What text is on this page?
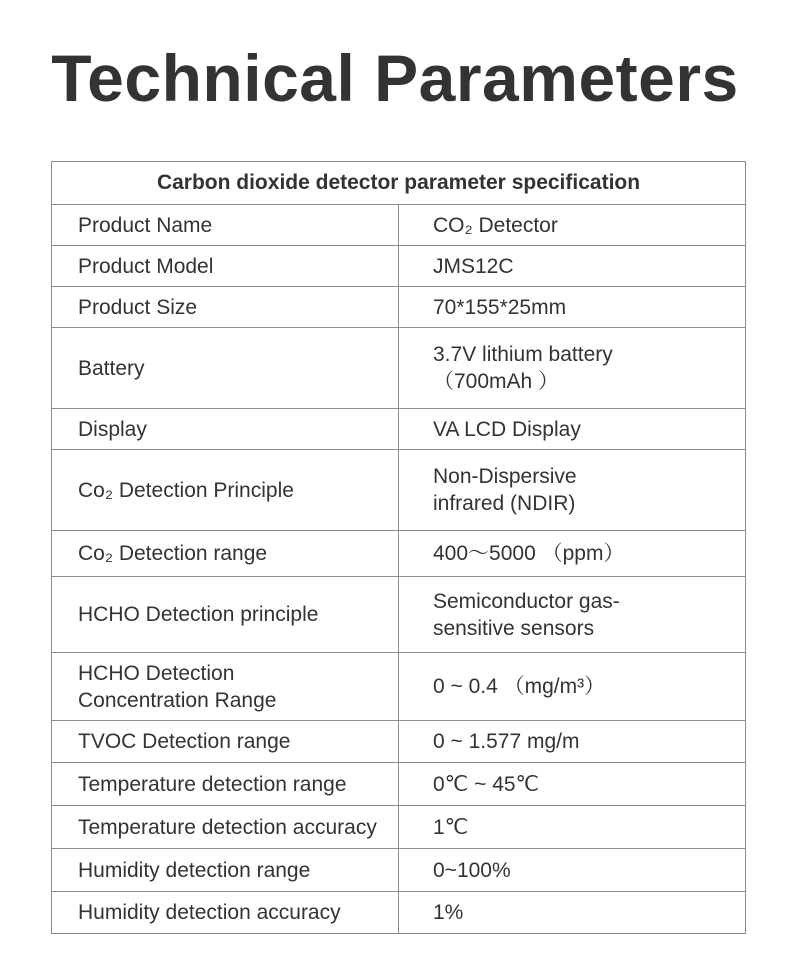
Technical Parameters
Carbon dioxide detector parameter specification	

Product Name	CO₂ Detector

Product Model	JMS12C

Product Size	70*155*25mm

Battery	3.7V lithium battery
（700mAh ）

Display	VA LCD Display

Co₂ Detection Principle	Non-Dispersive
infrared (NDIR)

Co₂ Detection range	400～5000 （ppm）

HCHO Detection principle	Semiconductor gas-
sensitive sensors

HCHO Detection
Concentration Range	0 ~ 0.4 （mg/m³）

TVOC Detection range	0 ~ 1.577 mg/m

Temperature detection range	0℃ ~ 45℃

Temperature detection accuracy	1℃

Humidity detection range	0~100%

Humidity detection accuracy	1%
